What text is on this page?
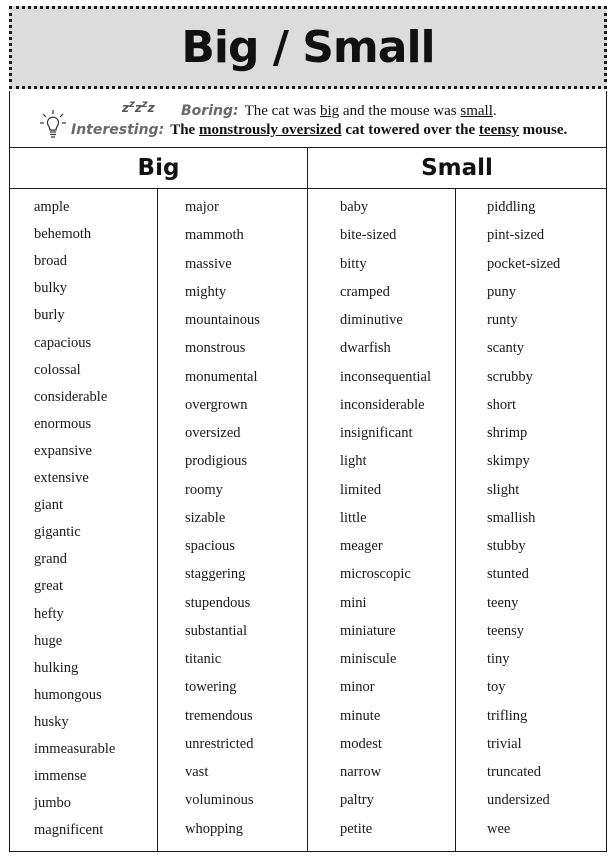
Big / Small
$z^zz^zz$ Boring: The cat was big and the mouse was small.
Interesting: The monstrously oversized cat towered over the teensy mouse.
Big	Small
ample
behemoth
broad
bulky
burly
capacious
colossal
considerable
enormous
expansive
extensive
giant
gigantic
grand
great
hefty
huge
hulking
humongous
husky
immeasurable
immense
jumbo
magnificent
major
mammoth
massive
mighty
mountainous
monstrous
monumental
overgrown
oversized
prodigious
roomy
sizable
spacious
staggering
stupendous
substantial
titanic
towering
tremendous
unrestricted
vast
voluminous
whopping
baby
bite-sized
bitty
cramped
diminutive
dwarfish
inconsequential
inconsiderable
insignificant
light
limited
little
meager
microscopic
mini
miniature
miniscule
minor
minute
modest
narrow
paltry
petite
piddling
pint-sized
pocket-sized
puny
runty
scanty
scrubby
short
shrimp
skimpy
slight
smallish
stubby
stunted
teeny
teensy
tiny
toy
trifling
trivial
truncated
undersized
wee
